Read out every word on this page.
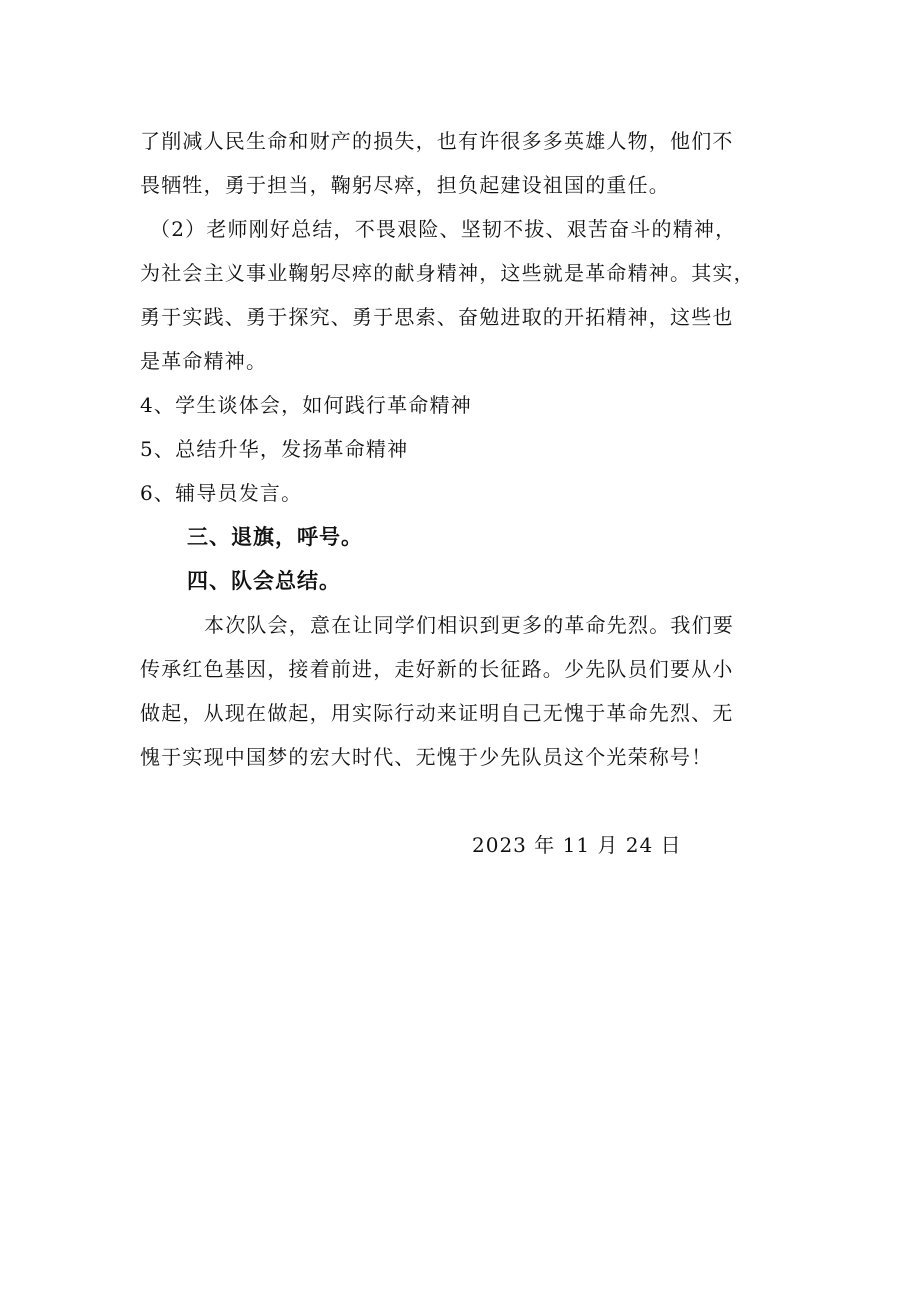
了削减人民生命和财产的损失，也有许很多多英雄人物，他们不
畏牺牲，勇于担当，鞠躬尽瘁，担负起建设祖国的重任。
（2）老师刚好总结，不畏艰险、坚韧不拔、艰苦奋斗的精神，
为社会主义事业鞠躬尽瘁的献身精神，这些就是革命精神。其实，
勇于实践、勇于探究、勇于思索、奋勉进取的开拓精神，这些也
是革命精神。
4、学生谈体会，如何践行革命精神
5、总结升华，发扬革命精神
6、辅导员发言。
三、退旗，呼号。
四、队会总结。
本次队会，意在让同学们相识到更多的革命先烈。我们要
传承红色基因，接着前进，走好新的长征路。少先队员们要从小
做起，从现在做起，用实际行动来证明自己无愧于革命先烈、无
愧于实现中国梦的宏大时代、无愧于少先队员这个光荣称号！
2023 年 11 月 24 日
